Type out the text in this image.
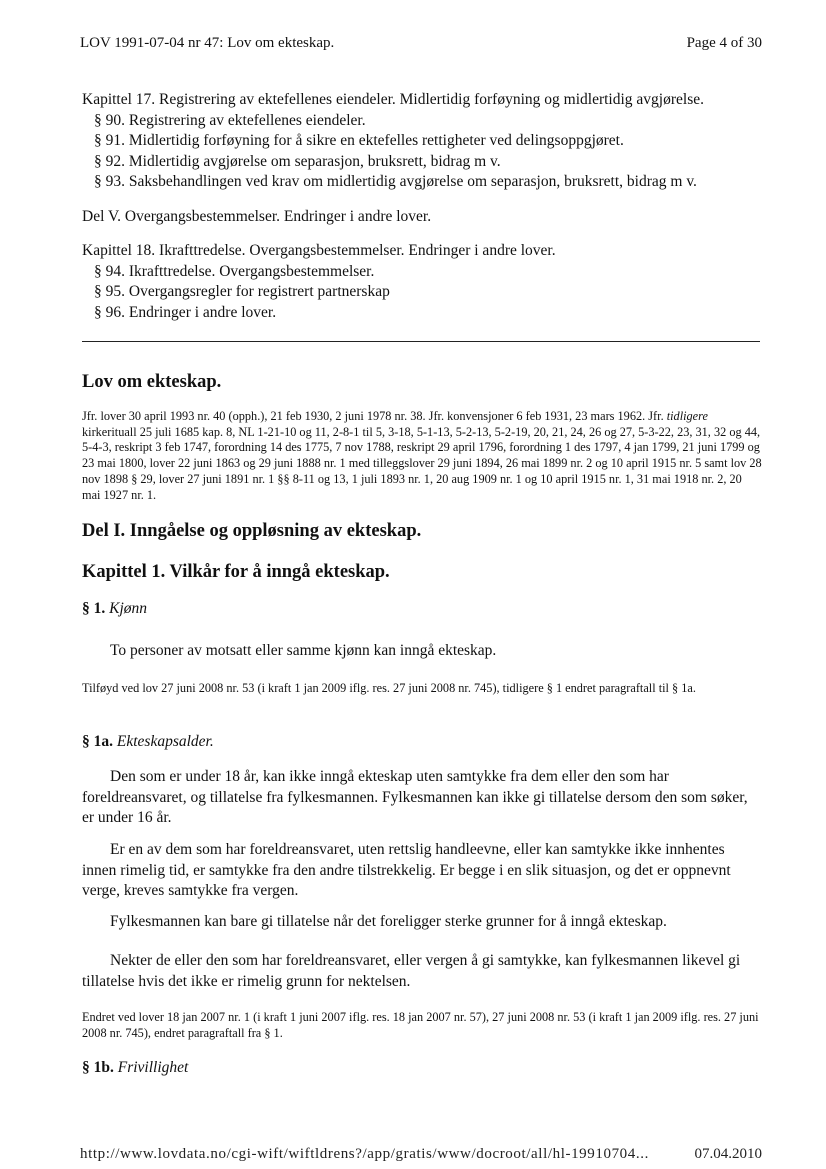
LOV 1991-07-04 nr 47: Lov om ekteskap.	Page 4 of 30
Kapittel 17. Registrering av ektefellenes eiendeler. Midlertidig forføyning og midlertidig avgjørelse.
§ 90. Registrering av ektefellenes eiendeler.
§ 91. Midlertidig forføyning for å sikre en ektefelles rettigheter ved delingsoppgjøret.
§ 92. Midlertidig avgjørelse om separasjon, bruksrett, bidrag m v.
§ 93. Saksbehandlingen ved krav om midlertidig avgjørelse om separasjon, bruksrett, bidrag m v.
Del V. Overgangsbestemmelser. Endringer i andre lover.
Kapittel 18. Ikrafttredelse. Overgangsbestemmelser. Endringer i andre lover.
§ 94. Ikrafttredelse. Overgangsbestemmelser.
§ 95. Overgangsregler for registrert partnerskap
§ 96. Endringer i andre lover.
Lov om ekteskap.
Jfr. lover 30 april 1993 nr. 40 (opph.), 21 feb 1930, 2 juni 1978 nr. 38. Jfr. konvensjoner 6 feb 1931, 23 mars 1962. Jfr. tidligere kirkerituall 25 juli 1685 kap. 8, NL 1-21-10 og 11, 2-8-1 til 5, 3-18, 5-1-13, 5-2-13, 5-2-19, 20, 21, 24, 26 og 27, 5-3-22, 23, 31, 32 og 44, 5-4-3, reskript 3 feb 1747, forordning 14 des 1775, 7 nov 1788, reskript 29 april 1796, forordning 1 des 1797, 4 jan 1799, 21 juni 1799 og 23 mai 1800, lover 22 juni 1863 og 29 juni 1888 nr. 1 med tilleggslover 29 juni 1894, 26 mai 1899 nr. 2 og 10 april 1915 nr. 5 samt lov 28 nov 1898 § 29, lover 27 juni 1891 nr. 1 §§ 8-11 og 13, 1 juli 1893 nr. 1, 20 aug 1909 nr. 1 og 10 april 1915 nr. 1, 31 mai 1918 nr. 2, 20 mai 1927 nr. 1.
Del I. Inngåelse og oppløsning av ekteskap.
Kapittel 1. Vilkår for å inngå ekteskap.
§ 1. Kjønn
To personer av motsatt eller samme kjønn kan inngå ekteskap.
Tilføyd ved lov 27 juni 2008 nr. 53 (i kraft 1 jan 2009 iflg. res. 27 juni 2008 nr. 745), tidligere § 1 endret paragraftall til § 1a.
§ 1a. Ekteskapsalder.
Den som er under 18 år, kan ikke inngå ekteskap uten samtykke fra dem eller den som har foreldreansvaret, og tillatelse fra fylkesmannen. Fylkesmannen kan ikke gi tillatelse dersom den som søker, er under 16 år.
Er en av dem som har foreldreansvaret, uten rettslig handleevne, eller kan samtykke ikke innhentes innen rimelig tid, er samtykke fra den andre tilstrekkelig. Er begge i en slik situasjon, og det er oppnevnt verge, kreves samtykke fra vergen.
Fylkesmannen kan bare gi tillatelse når det foreligger sterke grunner for å inngå ekteskap.
Nekter de eller den som har foreldreansvaret, eller vergen å gi samtykke, kan fylkesmannen likevel gi tillatelse hvis det ikke er rimelig grunn for nektelsen.
Endret ved lover 18 jan 2007 nr. 1 (i kraft 1 juni 2007 iflg. res. 18 jan 2007 nr. 57), 27 juni 2008 nr. 53 (i kraft 1 jan 2009 iflg. res. 27 juni 2008 nr. 745), endret paragraftall fra § 1.
§ 1b. Frivillighet
http://www.lovdata.no/cgi-wift/wiftldrens?/app/gratis/www/docroot/all/hl-19910704...	07.04.2010
